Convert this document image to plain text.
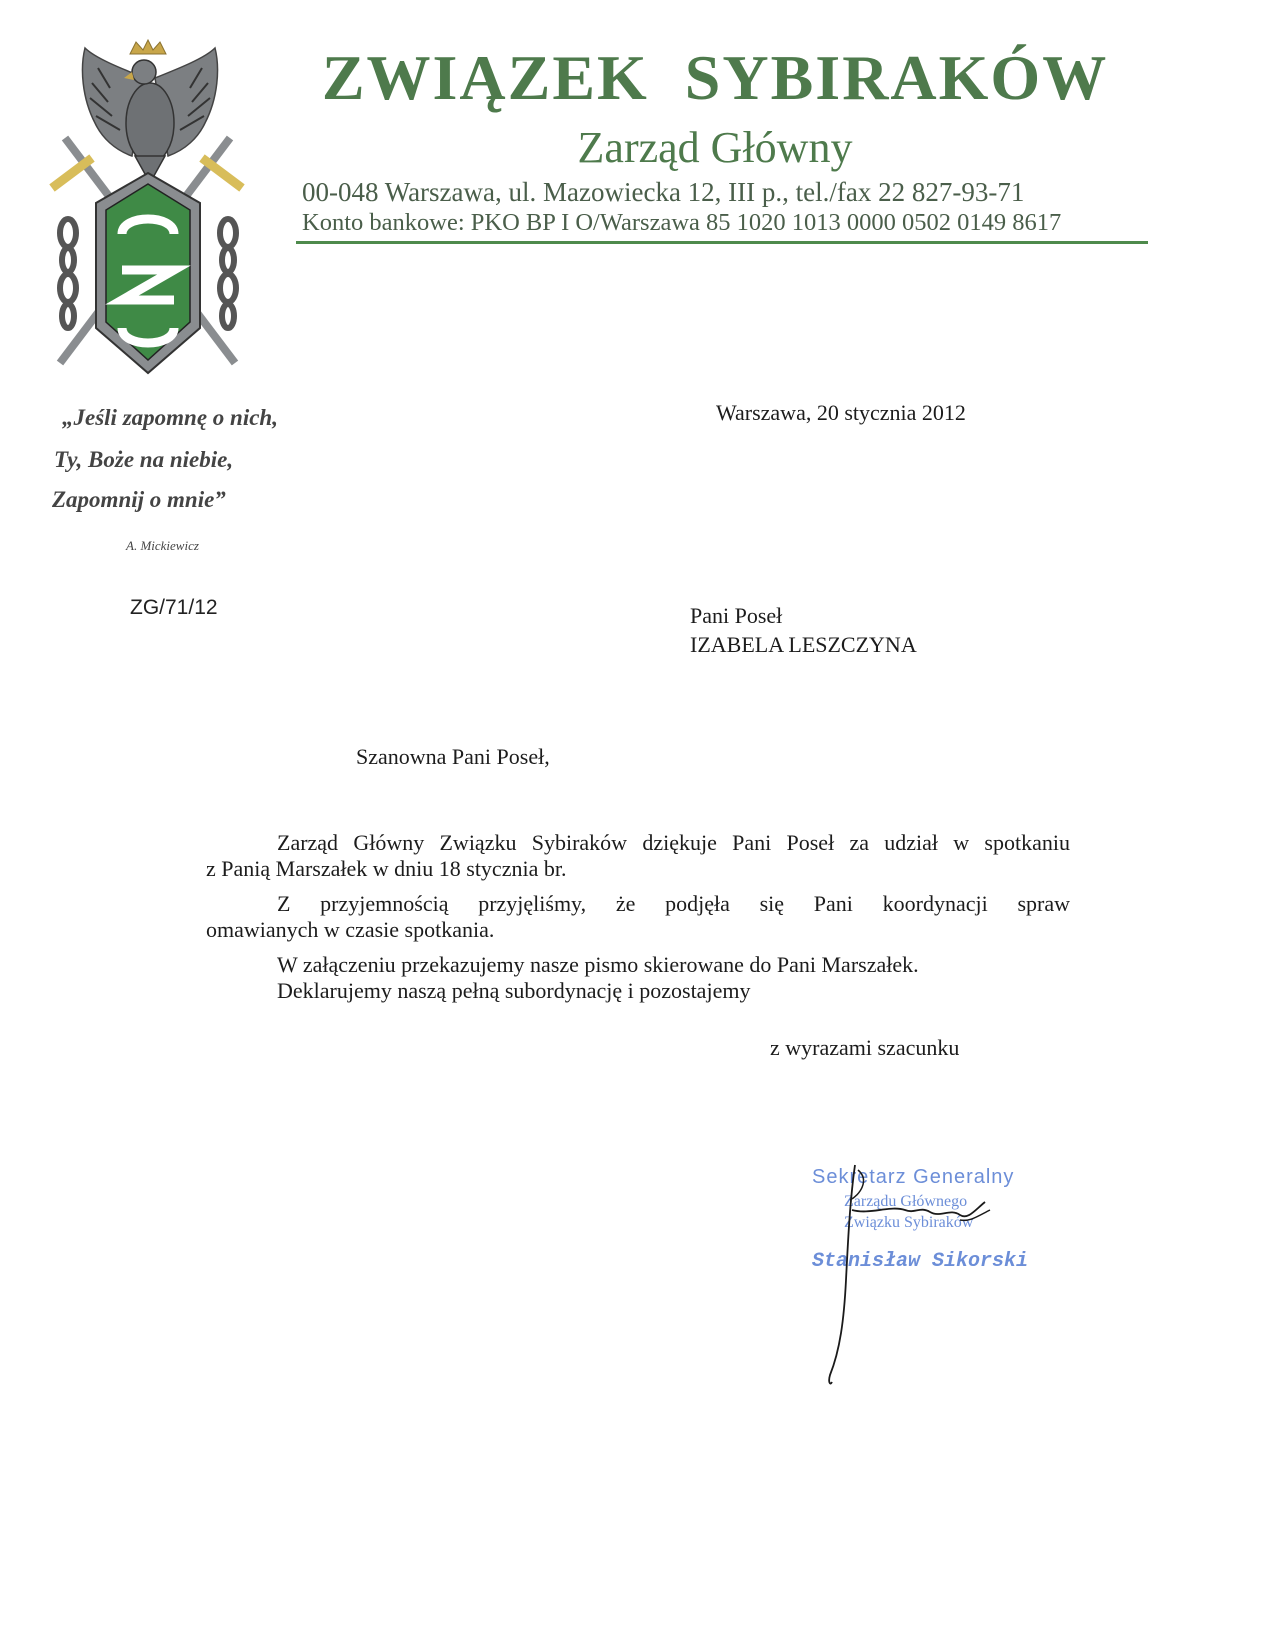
ZWIĄZEK  SYBIRAKÓW
Zarząd Główny
00-048 Warszawa, ul. Mazowiecka 12, III p., tel./fax 22 827-93-71
Konto bankowe: PKO BP I O/Warszawa 85 1020 1013 0000 0502 0149 8617
„Jeśli zapomnę o nich,
Ty, Boże na niebie,
Zapomnij o mnie”
A. Mickiewicz
ZG/71/12
Warszawa, 20 stycznia 2012
Pani Poseł
IZABELA LESZCZYNA
Szanowna Pani Poseł,
Zarząd Główny Związku Sybiraków dziękuje Pani Poseł za udział w spotkaniu
z Panią Marszałek w dniu 18 stycznia br.
Z przyjemnością przyjęliśmy, że podjęła się Pani koordynacji spraw
omawianych w czasie spotkania.
W załączeniu przekazujemy nasze pismo skierowane do Pani Marszałek.
Deklarujemy naszą pełną subordynację i pozostajemy
z wyrazami szacunku
Sekretarz Generalny
Zarządu Głównego
Związku Sybiraków
Stanisław Sikorski
